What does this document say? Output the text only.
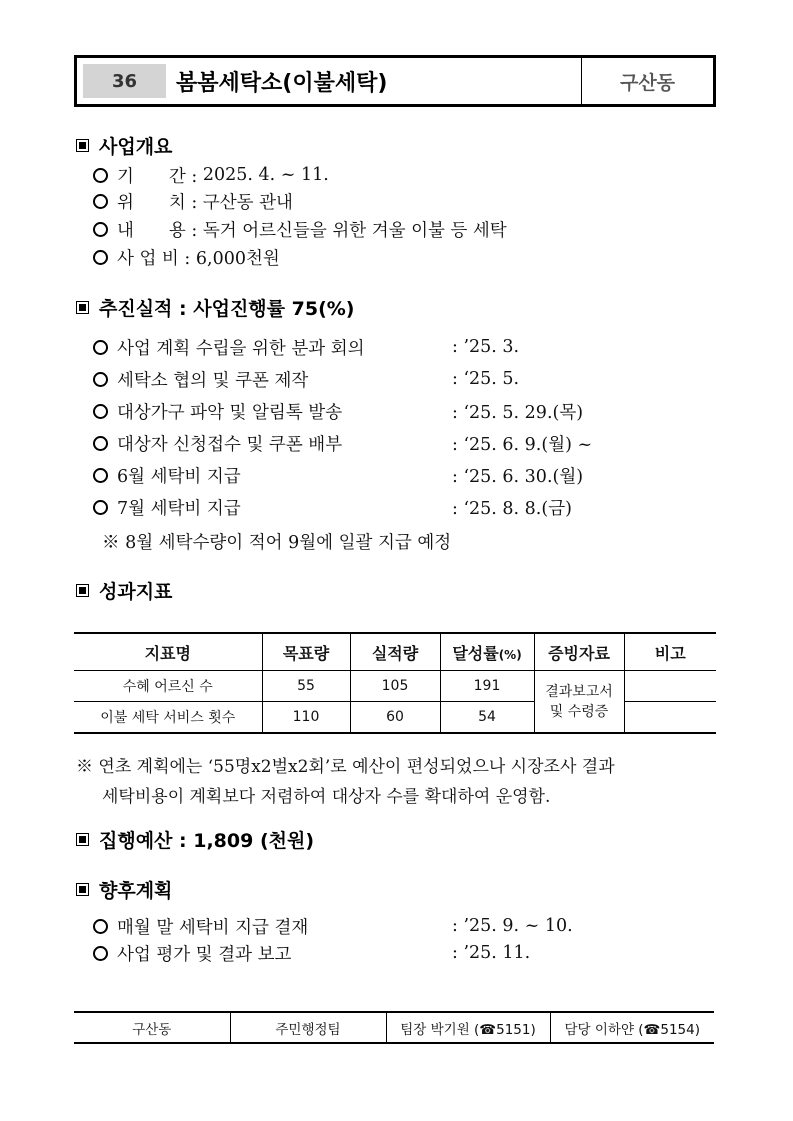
36	봄봄세탁소(이불세탁)	구산동
사업개요
기　　간 :
2025. 4. ~ 11.
위　　치 :
구산동 관내
내　　용 :
독거 어르신들을 위한 겨울 이불 등 세탁
사 업 비 :
6,000천원
추진실적 : 사업진행률 75(%)
사업 계획 수립을 위한 분과 회의	: ’25. 3.
세탁소 협의 및 쿠폰 제작	: ‘25. 5.
대상가구 파악 및 알림톡 발송	: ‘25. 5. 29.(목)
대상자 신청접수 및 쿠폰 배부	: ‘25. 6. 9.(월) ~
6월 세탁비 지급	: ‘25. 6. 30.(월)
7월 세탁비 지급	: ‘25. 8. 8.(금)
※ 8월 세탁수량이 적어 9월에 일괄 지급 예정
성과지표
지표명	목표량	실적량	달성률(%)	증빙자료	비고
수혜 어르신 수	55	105	191	결과보고서
및 수령증	

이불 세탁 서비스 횟수	110	60	54		
※ 연초 계획에는 ‘55명x2벌x2회’로 예산이 편성되었으나 시장조사 결과
세탁비용이 계획보다 저렴하여 대상자 수를 확대하여 운영함.
집행예산 : 1,809 (천원)
향후계획
매월 말 세탁비 지급 결재	: ’25. 9. ~ 10.
사업 평가 및 결과 보고	: ’25. 11.
구산동	주민행정팀	팀장 박기원 (☎5151)	담당 이하얀 (☎5154)
